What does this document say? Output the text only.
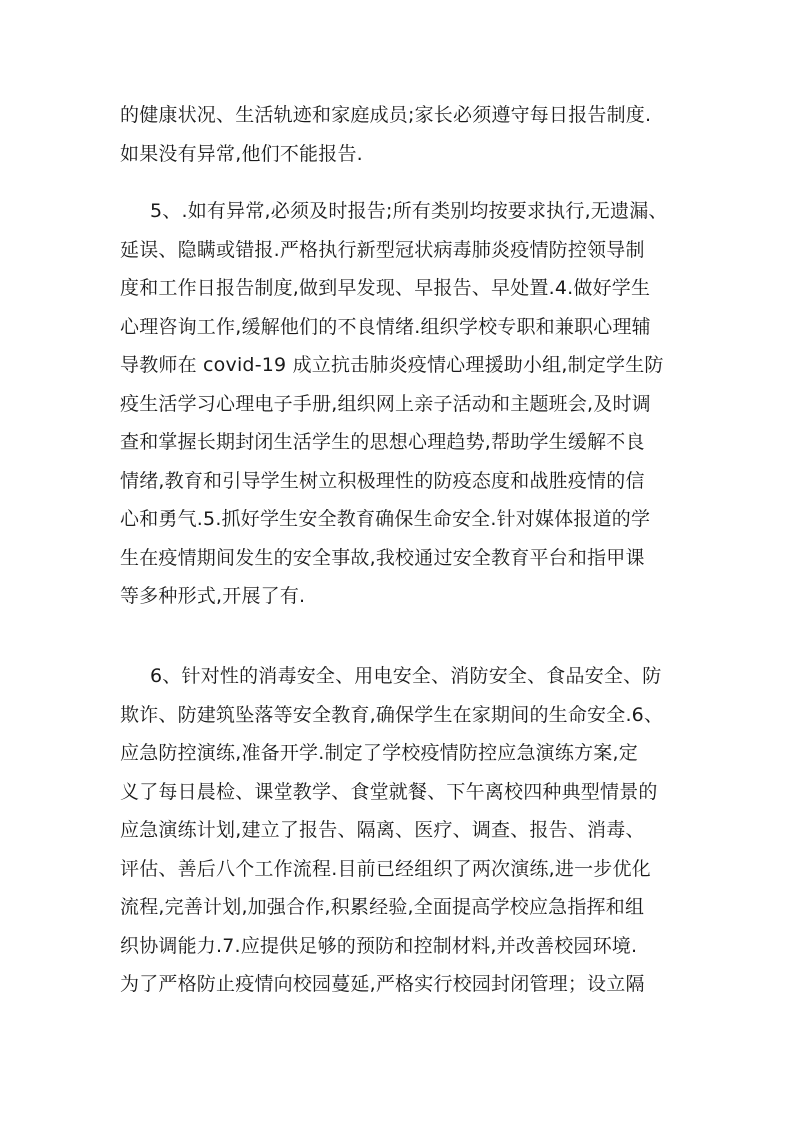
的健康状况、生活轨迹和家庭成员;家长必须遵守每日报告制度.
如果没有异常,他们不能报告.
5、.如有异常,必须及时报告;所有类别均按要求执行,无遗漏、
延误、隐瞒或错报.严格执行新型冠状病毒肺炎疫情防控领导制
度和工作日报告制度,做到早发现、早报告、早处置.4.做好学生
心理咨询工作,缓解他们的不良情绪.组织学校专职和兼职心理辅
导教师在 covid-19 成立抗击肺炎疫情心理援助小组,制定学生防
疫生活学习心理电子手册,组织网上亲子活动和主题班会,及时调
查和掌握长期封闭生活学生的思想心理趋势,帮助学生缓解不良
情绪,教育和引导学生树立积极理性的防疫态度和战胜疫情的信
心和勇气.5.抓好学生安全教育确保生命安全.针对媒体报道的学
生在疫情期间发生的安全事故,我校通过安全教育平台和指甲课
等多种形式,开展了有.
6、针对性的消毒安全、用电安全、消防安全、食品安全、防
欺诈、防建筑坠落等安全教育,确保学生在家期间的生命安全.6、
应急防控演练,准备开学.制定了学校疫情防控应急演练方案,定
义了每日晨检、课堂教学、食堂就餐、下午离校四种典型情景的
应急演练计划,建立了报告、隔离、医疗、调查、报告、消毒、
评估、善后八个工作流程.目前已经组织了两次演练,进一步优化
流程,完善计划,加强合作,积累经验,全面提高学校应急指挥和组
织协调能力.7.应提供足够的预防和控制材料,并改善校园环境.
为了严格防止疫情向校园蔓延,严格实行校园封闭管理；设立隔
